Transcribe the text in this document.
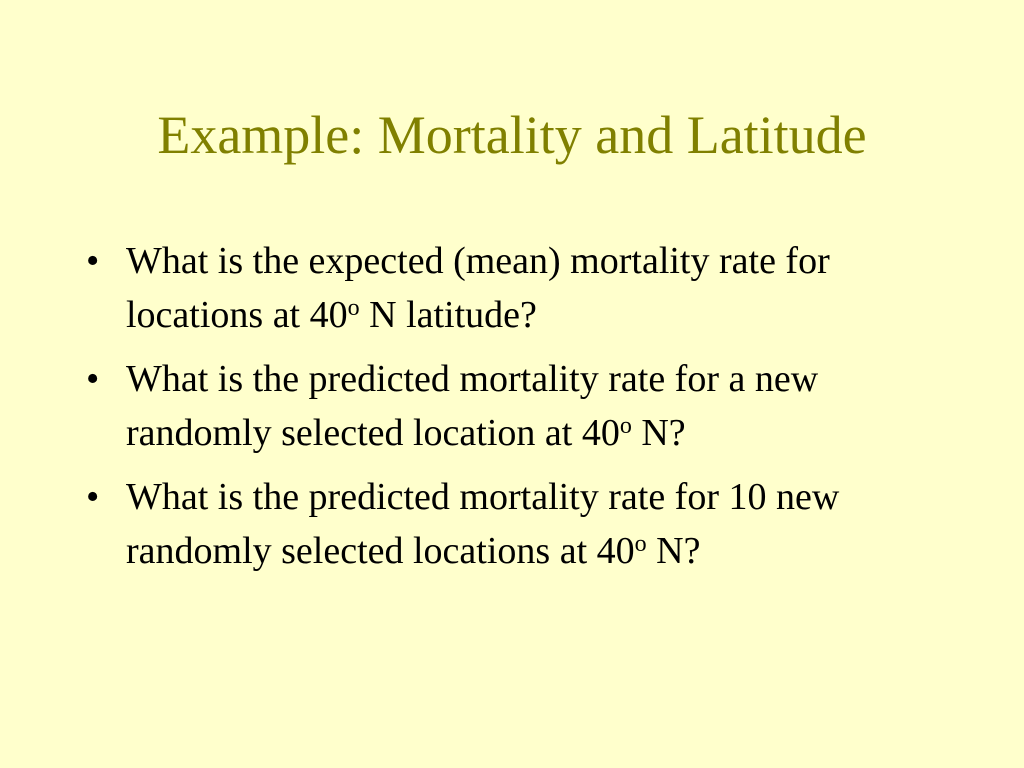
Example: Mortality and Latitude
• What is the expected (mean) mortality rate for locations at 40$^o$ N latitude?
• What is the predicted mortality rate for a new randomly selected location at 40$^o$ N?
• What is the predicted mortality rate for 10 new randomly selected locations at 40$^o$ N?
